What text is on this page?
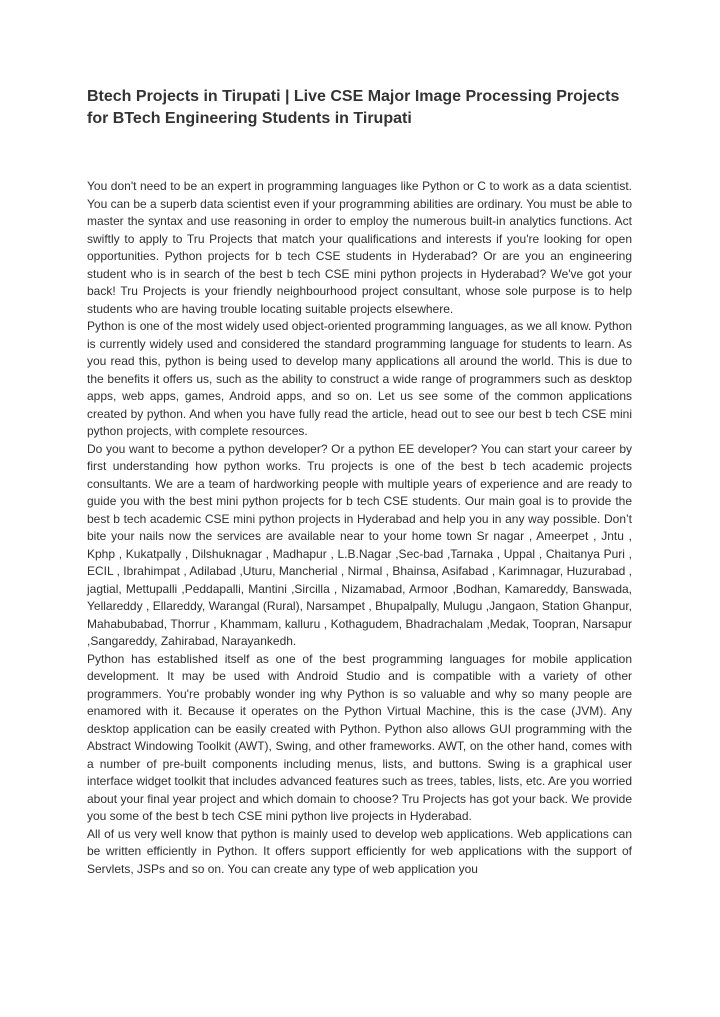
Btech Projects in Tirupati | Live CSE Major Image Processing Projects for BTech Engineering Students in Tirupati

You don't need to be an expert in programming languages like Python or C to work as a data scientist. You can be a superb data scientist even if your programming abilities are ordinary. You must be able to master the syntax and use reasoning in order to employ the numerous built-in analytics functions. Act swiftly to apply to Tru Projects that match your qualifications and interests if you're looking for open opportunities. Python projects for b tech CSE students in Hyderabad? Or are you an engineering student who is in search of the best b tech CSE mini python projects in Hyderabad? We've got your back! Tru Projects is your friendly neighbourhood project consultant, whose sole purpose is to help students who are having trouble locating suitable projects elsewhere.

Python is one of the most widely used object-oriented programming languages, as we all know. Python is currently widely used and considered the standard programming language for students to learn. As you read this, python is being used to develop many applications all around the world. This is due to the benefits it offers us, such as the ability to construct a wide range of programmers such as desktop apps, web apps, games, Android apps, and so on. Let us see some of the common applications created by python. And when you have fully read the article, head out to see our best b tech CSE mini python projects, with complete resources.

Do you want to become a python developer? Or a python EE developer? You can start your career by first understanding how python works. Tru projects is one of the best b tech academic projects consultants. We are a team of hardworking people with multiple years of experience and are ready to guide you with the best mini python projects for b tech CSE students. Our main goal is to provide the best b tech academic CSE mini python projects in Hyderabad and help you in any way possible. Don’t bite your nails now the services are available near to your home town Sr nagar , Ameerpet , Jntu , Kphp , Kukatpally , Dilshuknagar , Madhapur , L.B.Nagar ,Sec-bad ,Tarnaka , Uppal , Chaitanya Puri , ECIL , Ibrahimpat , Adilabad ,Uturu, Mancherial , Nirmal , Bhainsa, Asifabad , Karimnagar, Huzurabad , jagtial, Mettupalli ,Peddapalli, Mantini ,Sircilla , Nizamabad, Armoor ,Bodhan, Kamareddy, Banswada, Yellareddy , Ellareddy, Warangal (Rural), Narsampet , Bhupalpally, Mulugu ,Jangaon, Station Ghanpur, Mahabubabad, Thorrur , Khammam, kalluru , Kothagudem, Bhadrachalam ,Medak, Toopran, Narsapur ,Sangareddy, Zahirabad, Narayankedh.

Python has established itself as one of the best programming languages for mobile application development. It may be used with Android Studio and is compatible with a variety of other programmers. You're probably wonder ing why Python is so valuable and why so many people are enamored with it. Because it operates on the Python Virtual Machine, this is the case (JVM). Any desktop application can be easily created with Python. Python also allows GUI programming with the Abstract Windowing Toolkit (AWT), Swing, and other frameworks. AWT, on the other hand, comes with a number of pre-built components including menus, lists, and buttons. Swing is a graphical user interface widget toolkit that includes advanced features such as trees, tables, lists, etc. Are you worried about your final year project and which domain to choose? Tru Projects has got your back. We provide you some of the best b tech CSE mini python live projects in Hyderabad.

All of us very well know that python is mainly used to develop web applications. Web applications can be written efficiently in Python. It offers support efficiently for web applications with the support of Servlets, JSPs and so on. You can create any type of web application you
